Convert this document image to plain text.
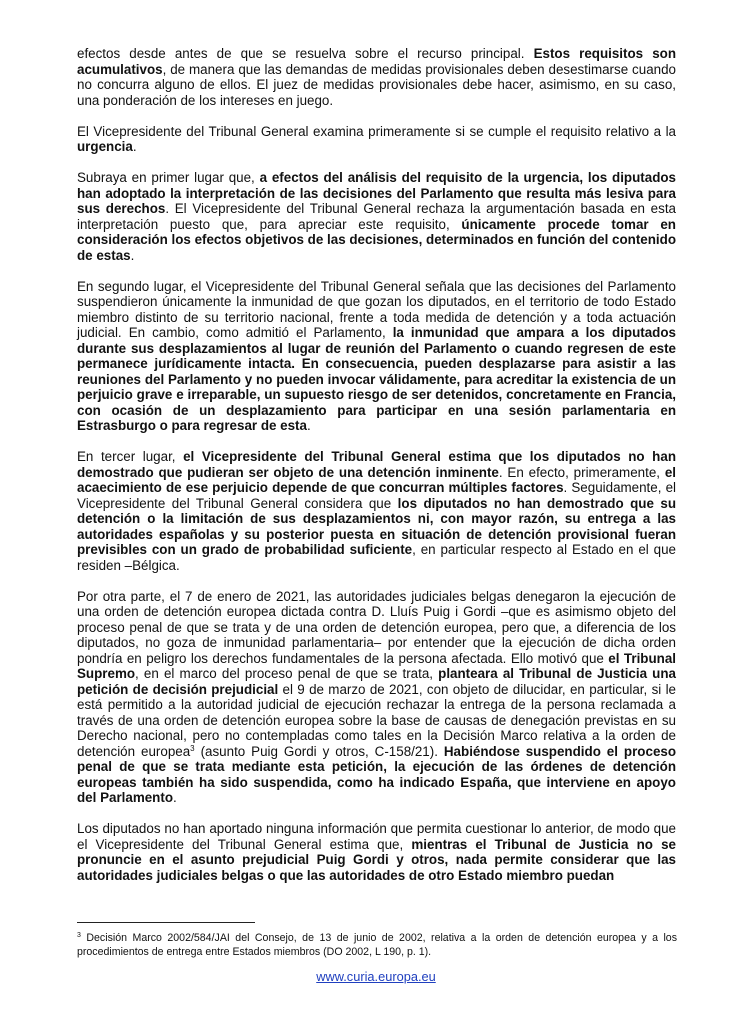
efectos desde antes de que se resuelva sobre el recurso principal. Estos requisitos son acumulativos, de manera que las demandas de medidas provisionales deben desestimarse cuando no concurra alguno de ellos. El juez de medidas provisionales debe hacer, asimismo, en su caso, una ponderación de los intereses en juego.

El Vicepresidente del Tribunal General examina primeramente si se cumple el requisito relativo a la urgencia.

Subraya en primer lugar que, a efectos del análisis del requisito de la urgencia, los diputados han adoptado la interpretación de las decisiones del Parlamento que resulta más lesiva para sus derechos. El Vicepresidente del Tribunal General rechaza la argumentación basada en esta interpretación puesto que, para apreciar este requisito, únicamente procede tomar en consideración los efectos objetivos de las decisiones, determinados en función del contenido de estas.

En segundo lugar, el Vicepresidente del Tribunal General señala que las decisiones del Parlamento suspendieron únicamente la inmunidad de que gozan los diputados, en el territorio de todo Estado miembro distinto de su territorio nacional, frente a toda medida de detención y a toda actuación judicial. En cambio, como admitió el Parlamento, la inmunidad que ampara a los diputados durante sus desplazamientos al lugar de reunión del Parlamento o cuando regresen de este permanece jurídicamente intacta. En consecuencia, pueden desplazarse para asistir a las reuniones del Parlamento y no pueden invocar válidamente, para acreditar la existencia de un perjuicio grave e irreparable, un supuesto riesgo de ser detenidos, concretamente en Francia, con ocasión de un desplazamiento para participar en una sesión parlamentaria en Estrasburgo o para regresar de esta.

En tercer lugar, el Vicepresidente del Tribunal General estima que los diputados no han demostrado que pudieran ser objeto de una detención inminente. En efecto, primeramente, el acaecimiento de ese perjuicio depende de que concurran múltiples factores. Seguidamente, el Vicepresidente del Tribunal General considera que los diputados no han demostrado que su detención o la limitación de sus desplazamientos ni, con mayor razón, su entrega a las autoridades españolas y su posterior puesta en situación de detención provisional fueran previsibles con un grado de probabilidad suficiente, en particular respecto al Estado en el que residen –Bélgica.

Por otra parte, el 7 de enero de 2021, las autoridades judiciales belgas denegaron la ejecución de una orden de detención europea dictada contra D. Lluís Puig i Gordi –que es asimismo objeto del proceso penal de que se trata y de una orden de detención europea, pero que, a diferencia de los diputados, no goza de inmunidad parlamentaria– por entender que la ejecución de dicha orden pondría en peligro los derechos fundamentales de la persona afectada. Ello motivó que el Tribunal Supremo, en el marco del proceso penal de que se trata, planteara al Tribunal de Justicia una petición de decisión prejudicial el 9 de marzo de 2021, con objeto de dilucidar, en particular, si le está permitido a la autoridad judicial de ejecución rechazar la entrega de la persona reclamada a través de una orden de detención europea sobre la base de causas de denegación previstas en su Derecho nacional, pero no contempladas como tales en la Decisión Marco relativa a la orden de detención europea$^3$ (asunto Puig Gordi y otros, C-158/21). Habiéndose suspendido el proceso penal de que se trata mediante esta petición, la ejecución de las órdenes de detención europeas también ha sido suspendida, como ha indicado España, que interviene en apoyo del Parlamento.

Los diputados no han aportado ninguna información que permita cuestionar lo anterior, de modo que el Vicepresidente del Tribunal General estima que, mientras el Tribunal de Justicia no se pronuncie en el asunto prejudicial Puig Gordi y otros, nada permite considerar que las autoridades judiciales belgas o que las autoridades de otro Estado miembro puedan

$^3$ Decisión Marco 2002/584/JAI del Consejo, de 13 de junio de 2002, relativa a la orden de detención europea y a los procedimientos de entrega entre Estados miembros (DO 2002, L 190, p. 1).
www.curia.europa.eu
